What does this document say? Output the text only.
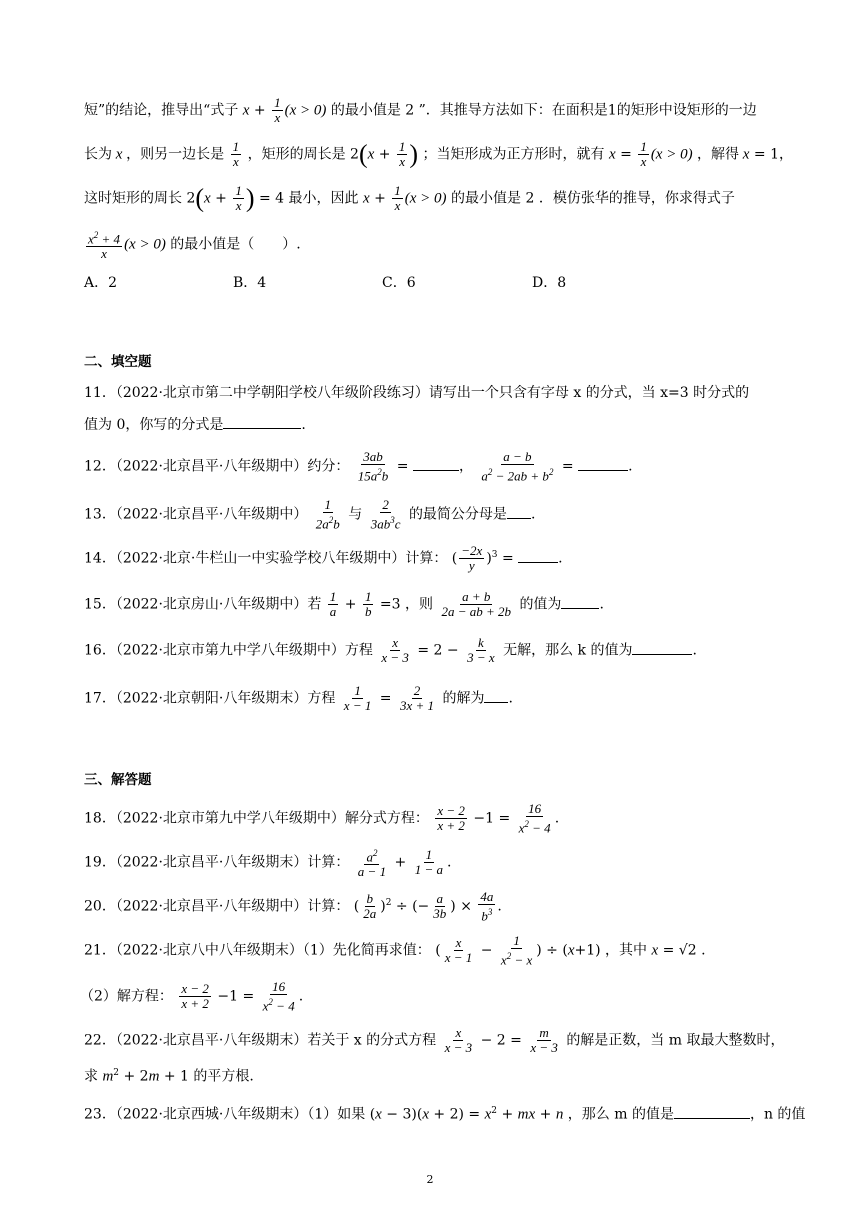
短”的结论，推导出“式子 $x + \frac{1}{x} (x > 0)$ 的最小值是 2 ”．其推导方法如下：在面积是1的矩形中设矩形的一边
长为 x ，则另一边长是 $\frac{1}{x}$ ，矩形的周长是 $2(x + \frac{1}{x}$ ) ；当矩形成为正方形时，就有 $x = \frac{1}{x} (x > 0)$ ，解得 x = 1，
这时矩形的周长 $2(x + \frac{1}{x}$ ) = 4 最小，因此 $x + \frac{1}{x} (x > 0)$ 的最小值是 2 ．模仿张华的推导，你求得式子
$\frac{x^2 + 4}{x} (x > 0)$ 的最小值是（　　）.
A．2	B．4	C．6	D．8
二、填空题
11．（2022·北京市第二中学朝阳学校八年级阶段练习）请写出一个只含有字母 x 的分式，当 x=3 时分式的
值为 0，你写的分式是	.
12．（2022·北京昌平·八年级期中）约分： $\frac{3ab}{15a^2b}$ =	， $\frac{a - b}{a^2 - 2ab + b^2}$ =	.
13．（2022·北京昌平·八年级期中） $\frac{1}{2a^2b}$ 与 $\frac{2}{3ab^3c}$ 的最简公分母是 .
14．（2022·北京·牛栏山一中实验学校八年级期中）计算： ( $\frac{-2x}{y} )^3$ =	.
15．（2022·北京房山·八年级期中）若 $\frac{1}{a} + \frac{1}{b} =3$ ，则 $\frac{a + b}{2a - ab + 2b}$ 的值为	.
16．（2022·北京市第九中学八年级期中）方程 $\frac{x}{x - 3} = 2 - \frac{k}{3 - x}$ 无解，那么 k 的值为	.
17．（2022·北京朝阳·八年级期末）方程 $\frac{1}{x - 1} = \frac{2}{3x + 1}$ 的解为 .
三、解答题
18．（2022·北京市第九中学八年级期中）解分式方程： $\frac{x - 2}{x + 2} -1 = \frac{16}{x^2 - 4}$ .
19．（2022·北京昌平·八年级期末）计算： $\frac{a^2}{a - 1} + \frac{1}{1 - a}$ .
20．（2022·北京昌平·八年级期中）计算： ( $\frac{b}{2a} )^2$ ÷ (− $\frac{a}{3b}$ ) × $\frac{4a}{b^3}$ .
21．（2022·北京八中八年级期末）（1）先化简再求值： ( $\frac{x}{x - 1} - \frac{1}{x^2 - x}$ ) ÷ (x+1) ，其中 x = √2 .
（2）解方程： $\frac{x - 2}{x + 2} -1 = \frac{16}{x^2 - 4}$ .
22．（2022·北京昌平·八年级期末）若关于 x 的分式方程 $\frac{x}{x - 3} - 2 = \frac{m}{x - 3}$ 的解是正数，当 m 取最大整数时，
求 $m^2 + 2m + 1$ 的平方根.
23．（2022·北京西城·八年级期末）（1）如果 $(x - 3)(x + 2) = x^2$ + mx + n ，那么 m 的值是	，n 的值
2
